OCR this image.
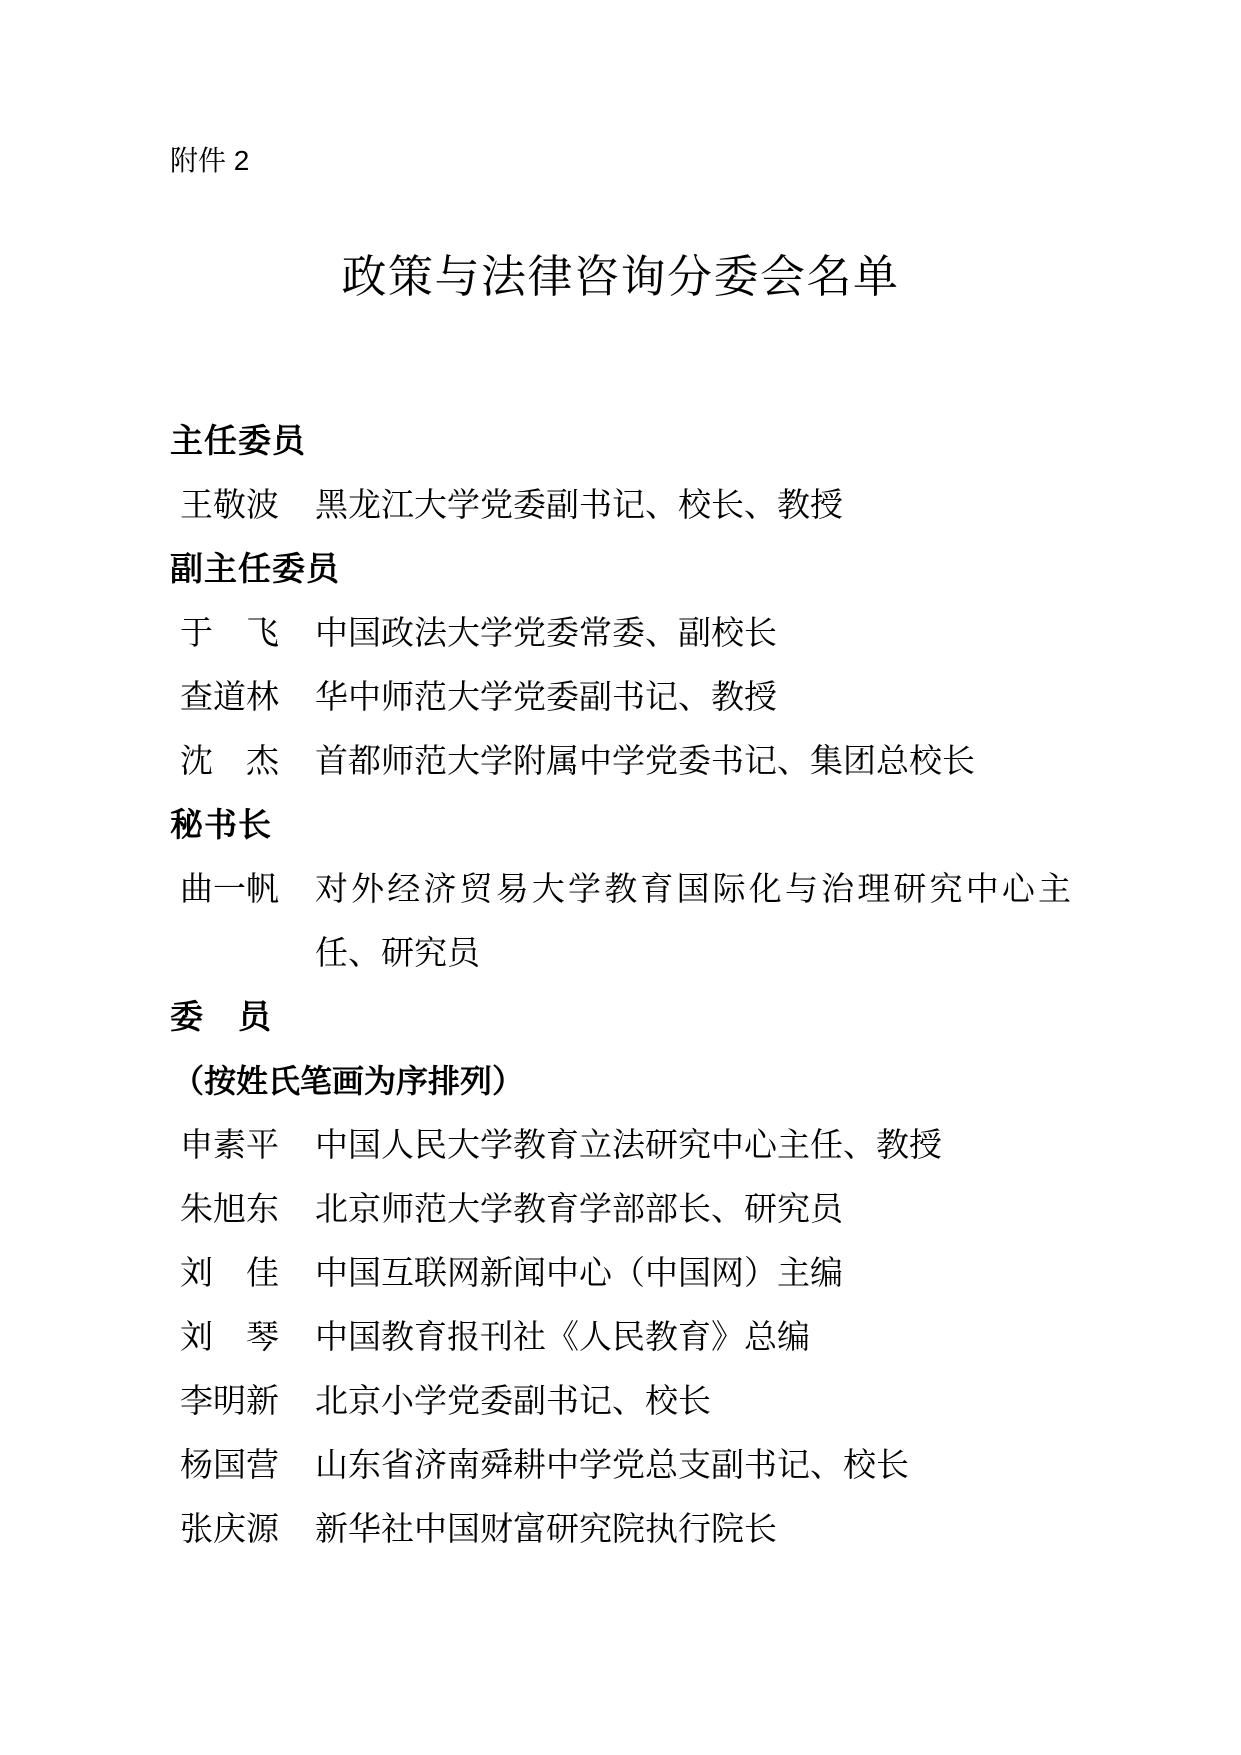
附件 2

政策与法律咨询分委会名单
主任委员
王敬波	黑龙江大学党委副书记、校长、教授
副主任委员
于　飞	中国政法大学党委常委、副校长
查道林	华中师范大学党委副书记、教授
沈　杰	首都师范大学附属中学党委书记、集团总校长
秘书长
曲一帆	对外经济贸易大学教育国际化与治理研究中心主任、研究员
委　员

（按姓氏笔画为序排列）

申素平	中国人民大学教育立法研究中心主任、教授
朱旭东	北京师范大学教育学部部长、研究员
刘　佳	中国互联网新闻中心（中国网）主编
刘　琴	中国教育报刊社《人民教育》总编
李明新	北京小学党委副书记、校长
杨国营	山东省济南舜耕中学党总支副书记、校长
张庆源	新华社中国财富研究院执行院长
